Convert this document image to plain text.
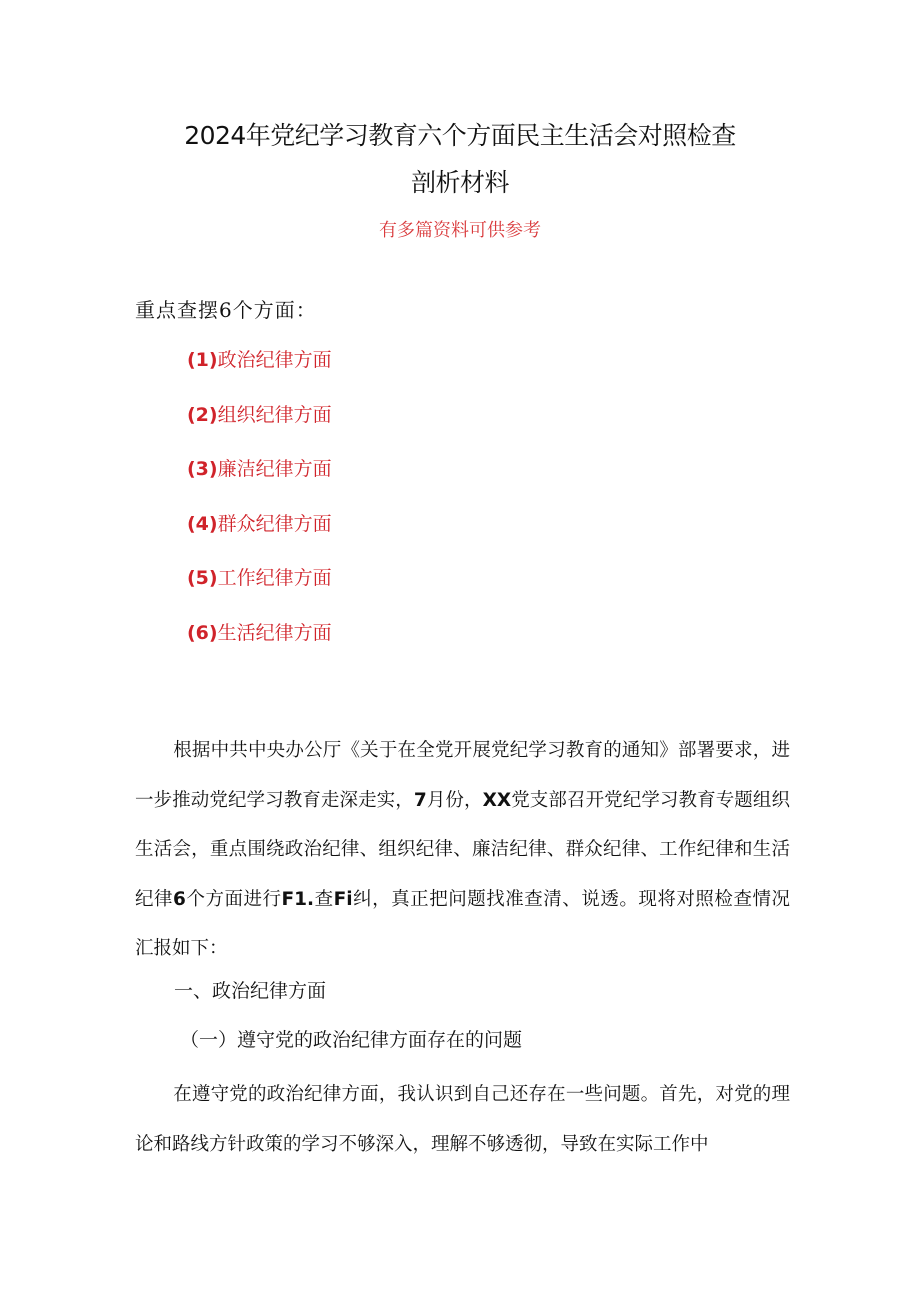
2024年党纪学习教育六个方面民主生活会对照检查
剖析材料
有多篇资料可供参考
重点查摆6个方面：
(1)政治纪律方面
(2)组织纪律方面
(3)廉洁纪律方面
(4)群众纪律方面
(5)工作纪律方面
(6)生活纪律方面

根据中共中央办公厅《关于在全党开展党纪学习教育的通知》部署要求，进一步推动党纪学习教育走深走实，7月份，XX党支部召开党纪学习教育专题组织生活会，重点围绕政治纪律、组织纪律、廉洁纪律、群众纪律、工作纪律和生活纪律6个方面进行F1.查Fi纠，真正把问题找准查清、说透。现将对照检查情况汇报如下：

一、政治纪律方面
（一）遵守党的政治纪律方面存在的问题

在遵守党的政治纪律方面，我认识到自己还存在一些问题。首先，对党的理论和路线方针政策的学习不够深入，理解不够透彻，导致在实际工作中
